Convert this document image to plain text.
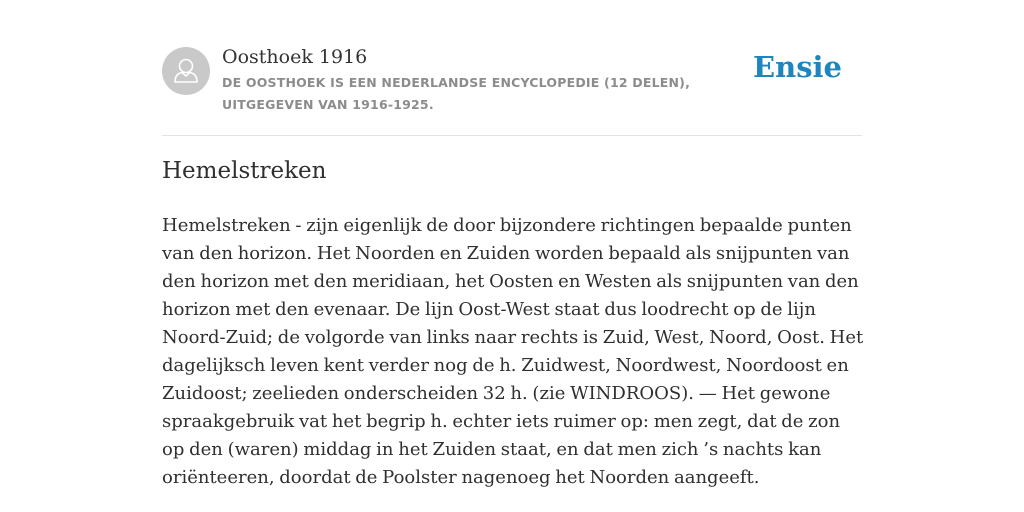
Oosthoek 1916
DE OOSTHOEK IS EEN NEDERLANDSE ENCYCLOPEDIE (12 DELEN), UITGEGEVEN VAN 1916-1925.
Ensie
Hemelstreken

Hemelstreken - zijn eigenlijk de door bijzondere richtingen bepaalde punten van den horizon. Het Noorden en Zuiden worden bepaald als snijpunten van den horizon met den meridiaan, het Oosten en Westen als snijpunten van den horizon met den evenaar. De lijn Oost-West staat dus loodrecht op de lijn Noord-Zuid; de volgorde van links naar rechts is Zuid, West, Noord, Oost. Het dagelijksch leven kent verder nog de h. Zuidwest, Noordwest, Noordoost en Zuidoost; zeelieden onderscheiden 32 h. (zie WINDROOS). — Het gewone spraakgebruik vat het begrip h. echter iets ruimer op: men zegt, dat de zon op den (waren) middag in het Zuiden staat, en dat men zich ’s nachts kan oriënteeren, doordat de Poolster nagenoeg het Noorden aangeeft.
